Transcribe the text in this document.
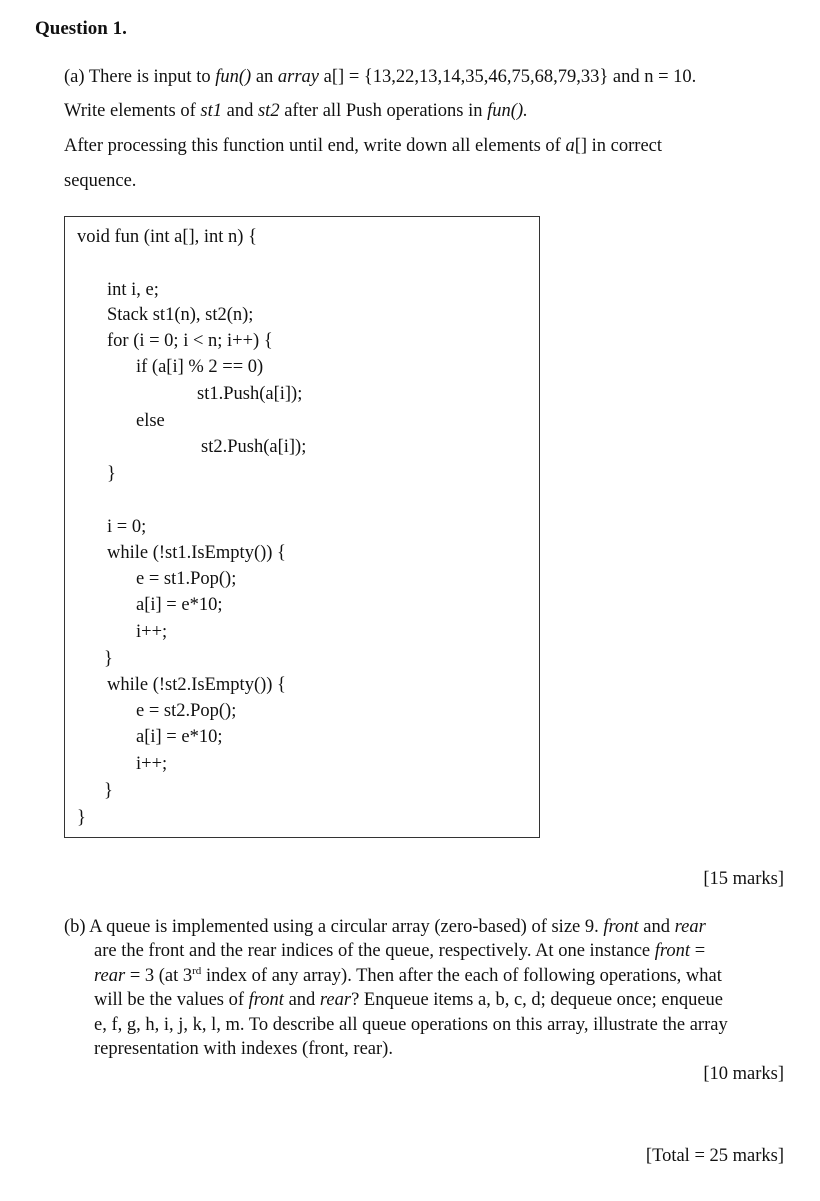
Question 1.
(a) There is input to fun() an array a[] = {13,22,13,14,35,46,75,68,79,33} and n = 10.
Write elements of st1 and st2 after all Push operations in fun().
After processing this function until end, write down all elements of a[] in correct
sequence.
void fun (int a[], int n) {
int i, e;
Stack st1(n), st2(n);
for (i = 0; i < n; i++) {
if (a[i] % 2 == 0)
st1.Push(a[i]);
else
st2.Push(a[i]);
}
i = 0;
while (!st1.IsEmpty()) {
e = st1.Pop();
a[i] = e*10;
i++;
}
while (!st2.IsEmpty()) {
e = st2.Pop();
a[i] = e*10;
i++;
}
}
[15 marks]
(b) A queue is implemented using a circular array (zero-based) of size 9. front and rear
are the front and the rear indices of the queue, respectively. At one instance front =
rear = 3 (at 3rd index of any array). Then after the each of following operations, what
will be the values of front and rear? Enqueue items a, b, c, d; dequeue once; enqueue
e, f, g, h, i, j, k, l, m. To describe all queue operations on this array, illustrate the array
representation with indexes (front, rear).
[10 marks]
[Total = 25 marks]
